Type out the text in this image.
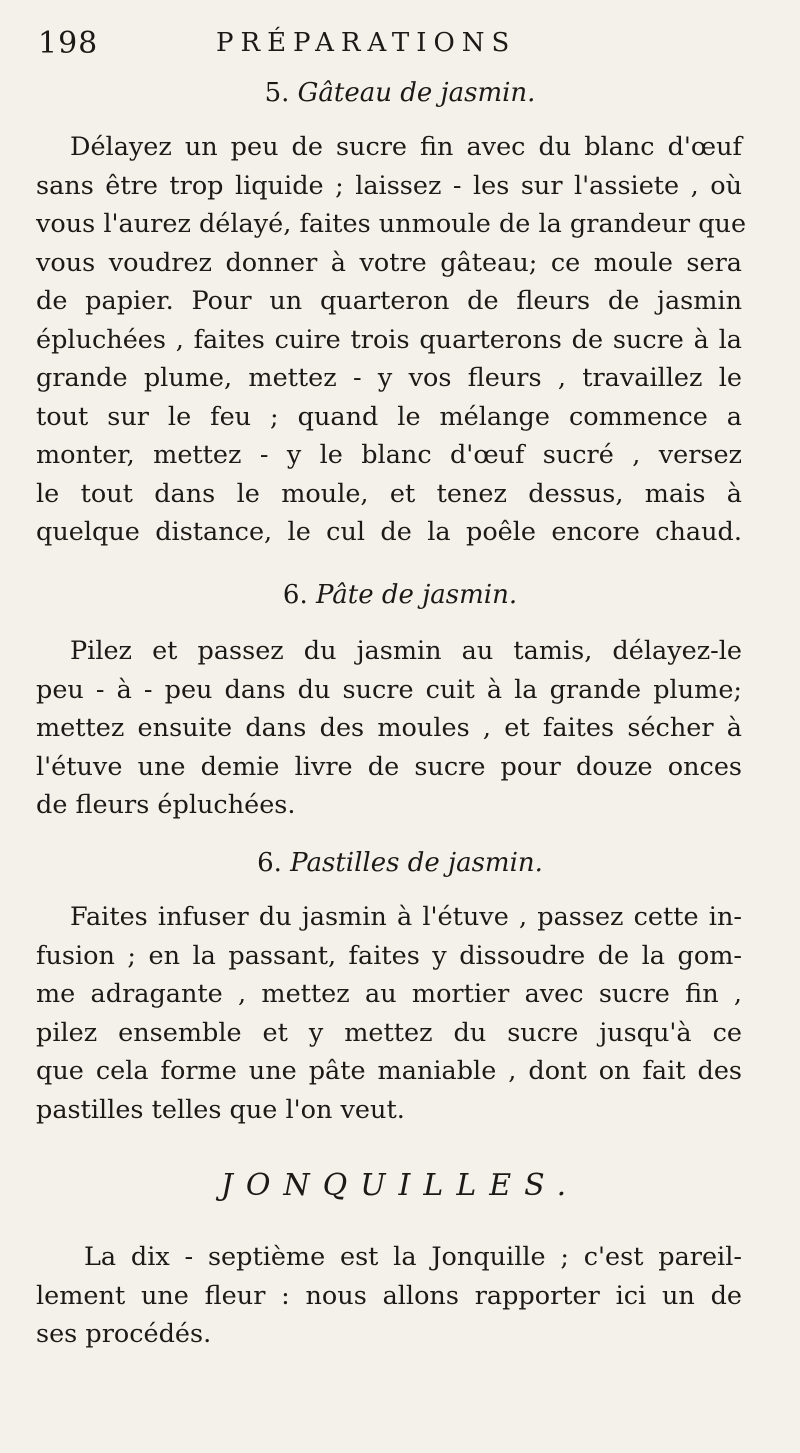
198	PRÉPARATIONS
5. Gâteau de jasmin.
Délayez un peu de sucre fin avec du blanc d'œuf
sans être trop liquide ; laissez - les sur l'assiete , où
vous l'aurez délayé, faites unmoule de la grandeur que
vous voudrez donner à votre gâteau; ce moule sera
de papier. Pour un quarteron de fleurs de jasmin
épluchées , faites cuire trois quarterons de sucre à la
grande plume, mettez - y vos fleurs , travaillez le
tout sur le feu ; quand le mélange commence a
monter, mettez - y le blanc d'œuf sucré , versez
le tout dans le moule, et tenez dessus, mais à
quelque distance, le cul de la poêle encore chaud.
6. Pâte de jasmin.
Pilez et passez du jasmin au tamis, délayez-le
peu - à - peu dans du sucre cuit à la grande plume;
mettez ensuite dans des moules , et faites sécher à
l'étuve une demie livre de sucre pour douze onces
de fleurs épluchées.
6. Pastilles de jasmin.
Faites infuser du jasmin à l'étuve , passez cette in-
fusion ; en la passant, faites y dissoudre de la gom-
me adragante , mettez au mortier avec sucre fin ,
pilez ensemble et y mettez du sucre jusqu'à ce
que cela forme une pâte maniable , dont on fait des
pastilles telles que l'on veut.
JONQUILLES.
La dix - septième est la Jonquille ; c'est pareil-
lement une fleur : nous allons rapporter ici un de
ses procédés.
